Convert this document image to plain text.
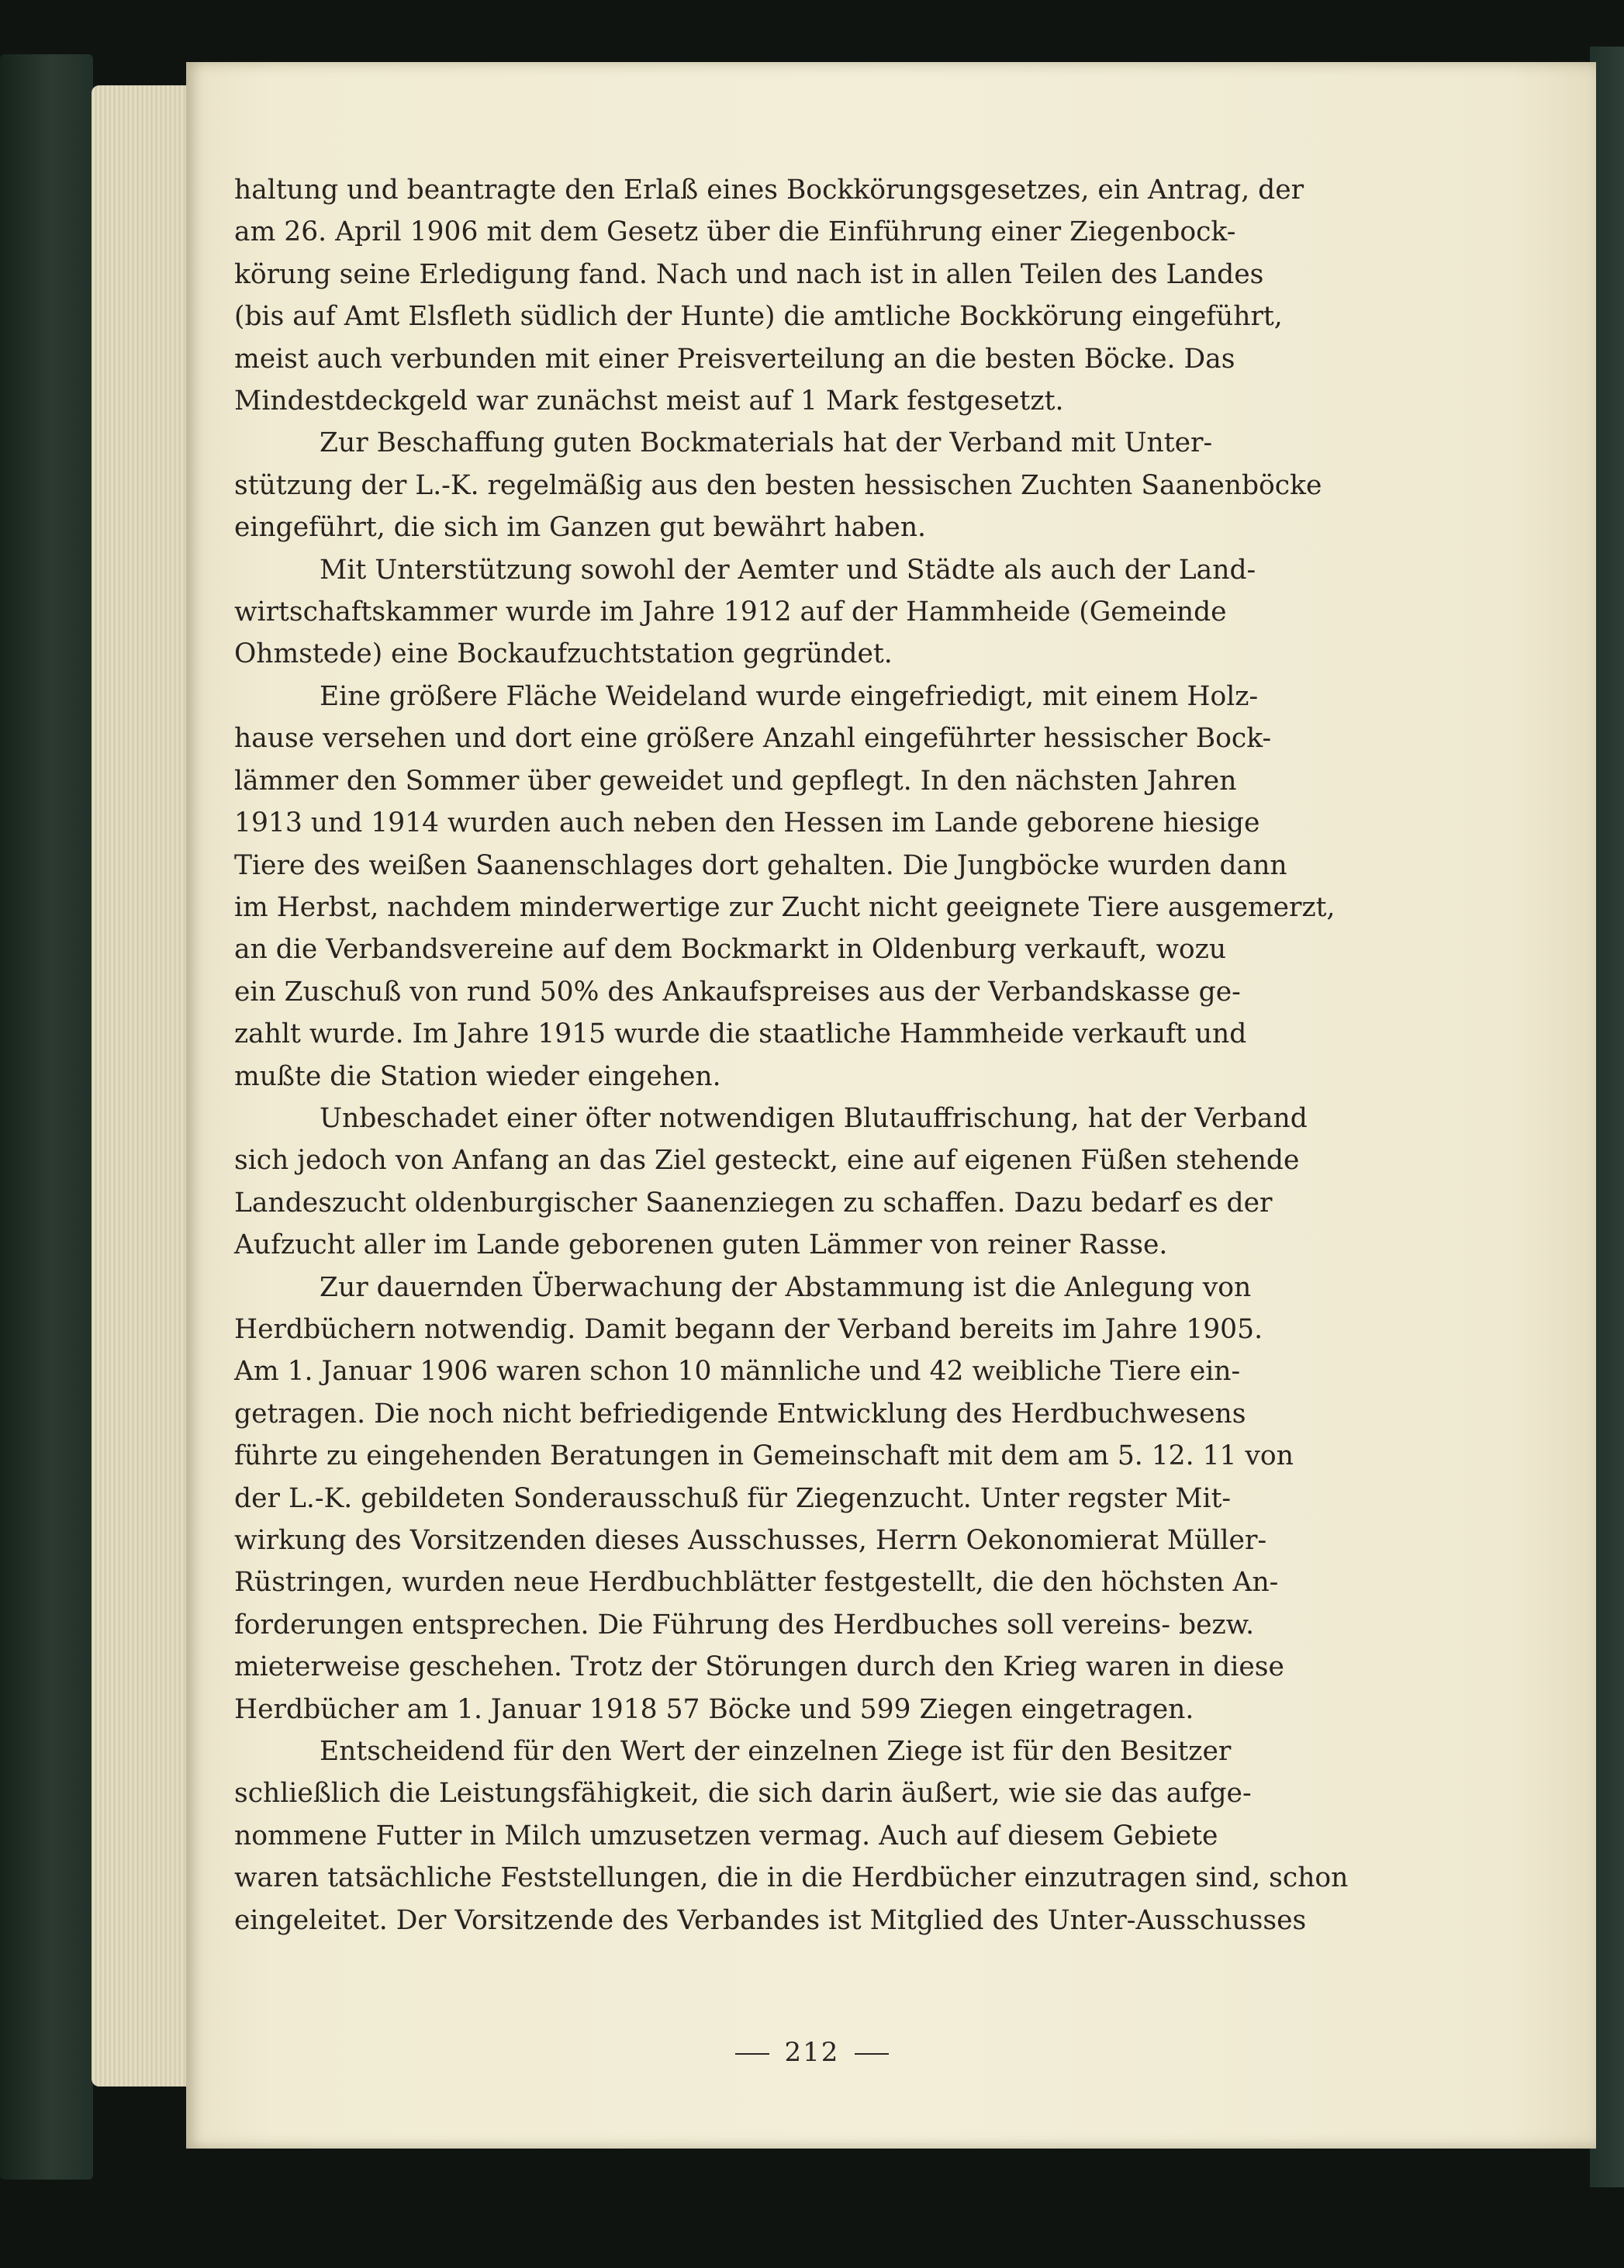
haltung und beantragte den Erlaß eines Bockkörungsgesetzes, ein Antrag, der

am 26. April 1906 mit dem Gesetz über die Einführung einer Ziegenbock-

körung seine Erledigung fand. Nach und nach ist in allen Teilen des Landes

(bis auf Amt Elsfleth südlich der Hunte) die amtliche Bockkörung eingeführt,

meist auch verbunden mit einer Preisverteilung an die besten Böcke. Das

Mindestdeckgeld war zunächst meist auf 1 Mark festgesetzt.

Zur Beschaffung guten Bockmaterials hat der Verband mit Unter-

stützung der L.-K. regelmäßig aus den besten hessischen Zuchten Saanenböcke

eingeführt, die sich im Ganzen gut bewährt haben.

Mit Unterstützung sowohl der Aemter und Städte als auch der Land-

wirtschaftskammer wurde im Jahre 1912 auf der Hammheide (Gemeinde

Ohmstede) eine Bockaufzuchtstation gegründet.

Eine größere Fläche Weideland wurde eingefriedigt, mit einem Holz-

hause versehen und dort eine größere Anzahl eingeführter hessischer Bock-

lämmer den Sommer über geweidet und gepflegt. In den nächsten Jahren

1913 und 1914 wurden auch neben den Hessen im Lande geborene hiesige

Tiere des weißen Saanenschlages dort gehalten. Die Jungböcke wurden dann

im Herbst, nachdem minderwertige zur Zucht nicht geeignete Tiere ausgemerzt,

an die Verbandsvereine auf dem Bockmarkt in Oldenburg verkauft, wozu

ein Zuschuß von rund 50% des Ankaufspreises aus der Verbandskasse ge-

zahlt wurde. Im Jahre 1915 wurde die staatliche Hammheide verkauft und

mußte die Station wieder eingehen.

Unbeschadet einer öfter notwendigen Blutauffrischung, hat der Verband

sich jedoch von Anfang an das Ziel gesteckt, eine auf eigenen Füßen stehende

Landeszucht oldenburgischer Saanenziegen zu schaffen. Dazu bedarf es der

Aufzucht aller im Lande geborenen guten Lämmer von reiner Rasse.

Zur dauernden Überwachung der Abstammung ist die Anlegung von

Herdbüchern notwendig. Damit begann der Verband bereits im Jahre 1905.

Am 1. Januar 1906 waren schon 10 männliche und 42 weibliche Tiere ein-

getragen. Die noch nicht befriedigende Entwicklung des Herdbuchwesens

führte zu eingehenden Beratungen in Gemeinschaft mit dem am 5. 12. 11 von

der L.-K. gebildeten Sonderausschuß für Ziegenzucht. Unter regster Mit-

wirkung des Vorsitzenden dieses Ausschusses, Herrn Oekonomierat Müller-

Rüstringen, wurden neue Herdbuchblätter festgestellt, die den höchsten An-

forderungen entsprechen. Die Führung des Herdbuches soll vereins- bezw.

mieterweise geschehen. Trotz der Störungen durch den Krieg waren in diese

Herdbücher am 1. Januar 1918 57 Böcke und 599 Ziegen eingetragen.

Entscheidend für den Wert der einzelnen Ziege ist für den Besitzer

schließlich die Leistungsfähigkeit, die sich darin äußert, wie sie das aufge-

nommene Futter in Milch umzusetzen vermag. Auch auf diesem Gebiete

waren tatsächliche Feststellungen, die in die Herdbücher einzutragen sind, schon

eingeleitet. Der Vorsitzende des Verbandes ist Mitglied des Unter-Ausschusses

212
